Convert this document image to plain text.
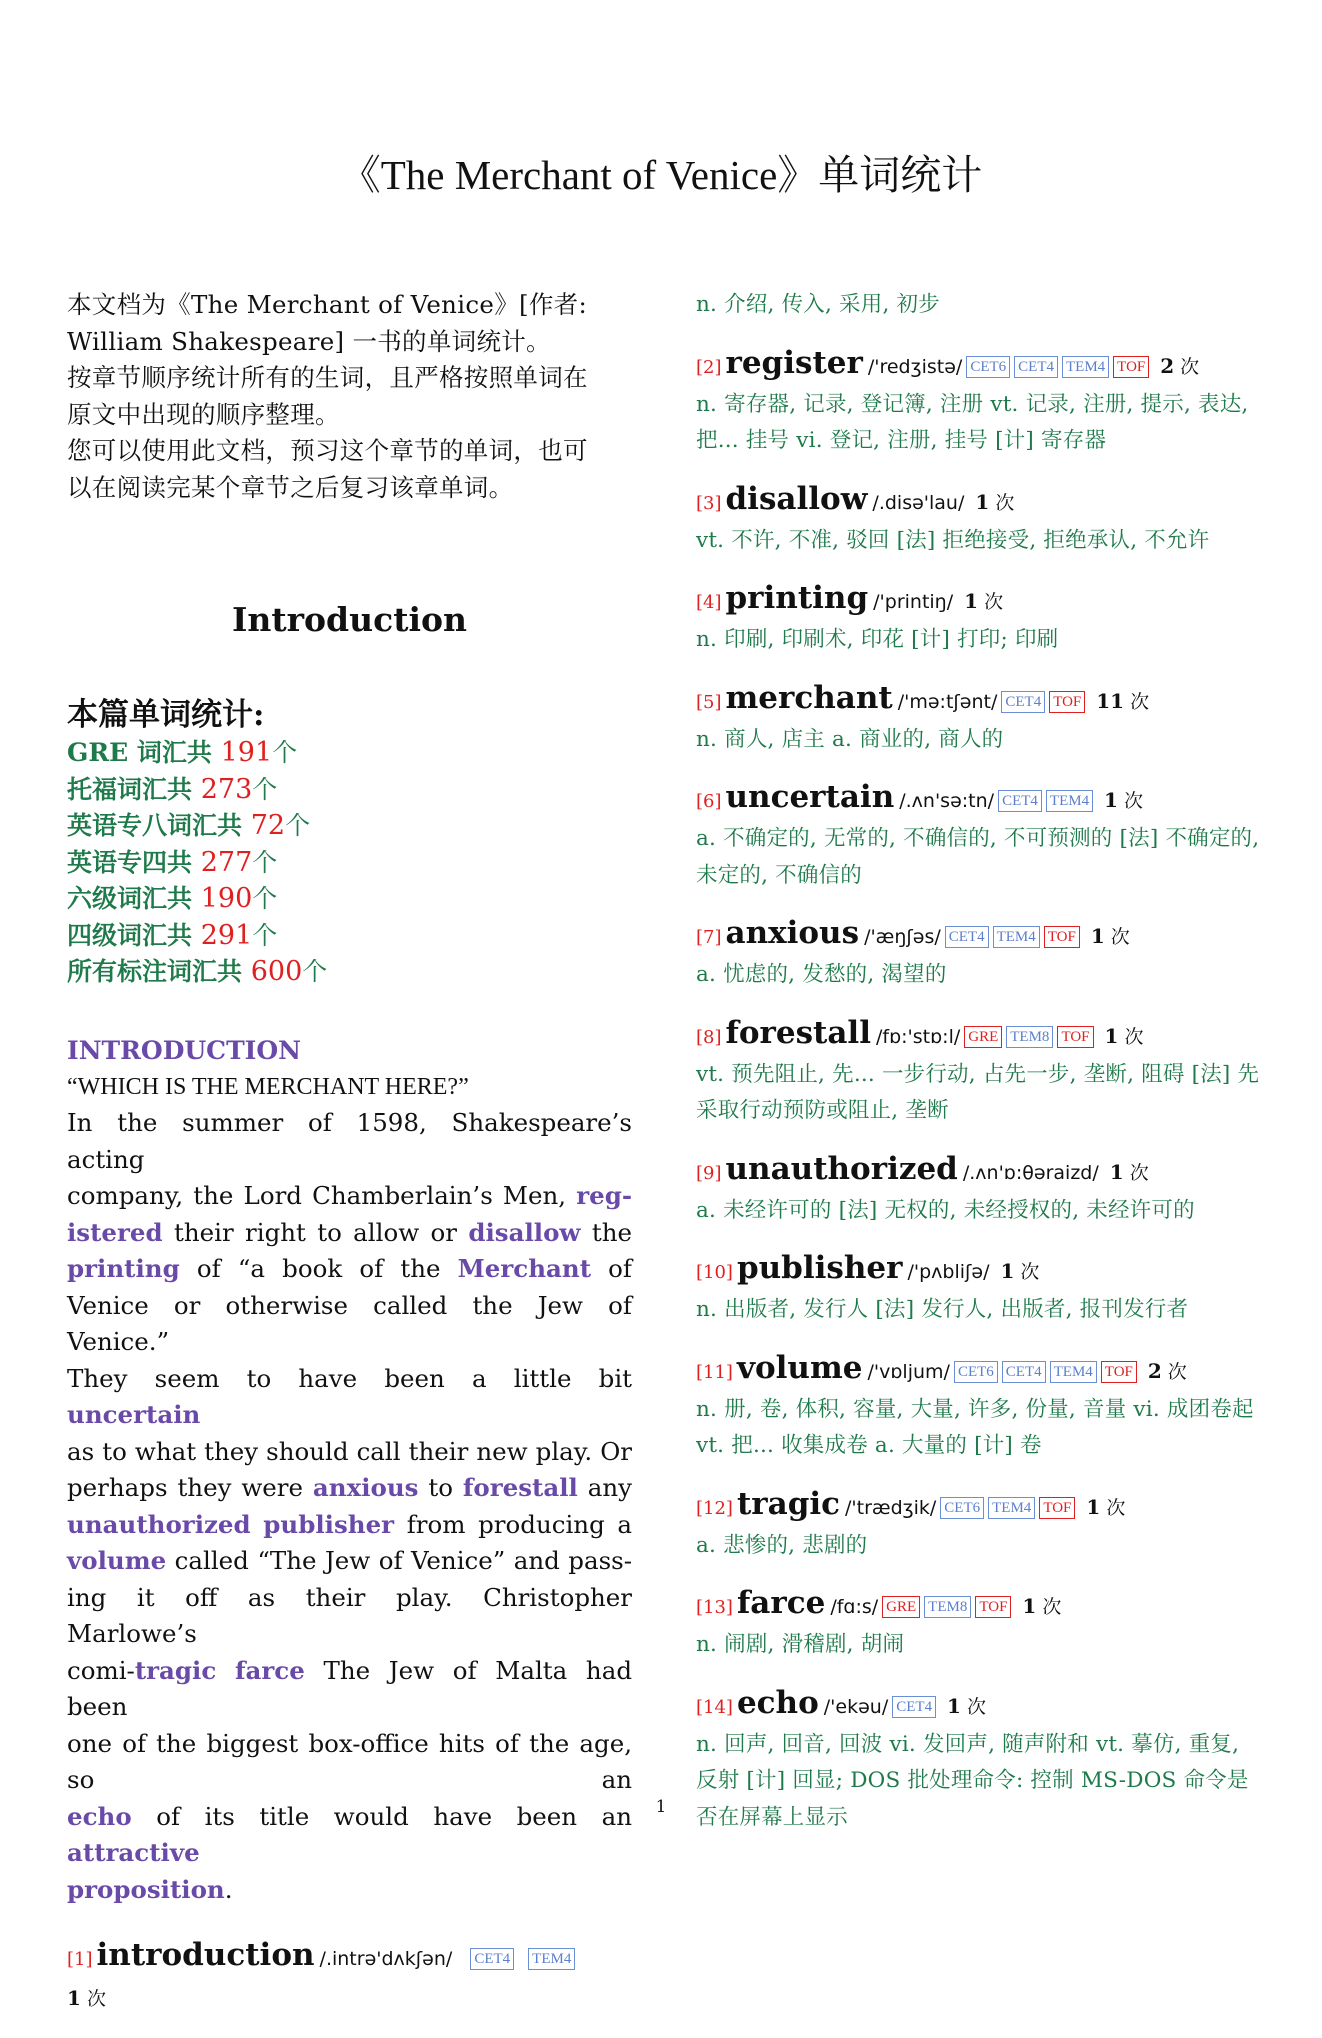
《The Merchant of Venice》单词统计

本文档为《The Merchant of Venice》[作者:
William Shakespeare] 一书的单词统计。
按章节顺序统计所有的生词，且严格按照单词在
原文中出现的顺序整理。
您可以使用此文档，预习这个章节的单词，也可
以在阅读完某个章节之后复习该章单词。

Introduction
本篇单词统计:
GRE 词汇共 191个
托福词汇共 273个
英语专八词汇共 72个
英语专四共 277个
六级词汇共 190个
四级词汇共 291个
所有标注词汇共 600个
INTRODUCTION
“WHICH IS THE MERCHANT HERE?”
In the summer of 1598, Shakespeare’s acting
company, the Lord Chamberlain’s Men, reg-
istered their right to allow or disallow the
printing of “a book of the Merchant of
Venice or otherwise called the Jew of Venice.”
They seem to have been a little bit uncertain
as to what they should call their new play. Or
perhaps they were anxious to forestall any
unauthorized publisher from producing a
volume called “The Jew of Venice” and pass-
ing it off as their play. Christopher Marlowe’s
comi-tragic farce The Jew of Malta had been
one of the biggest box-office hits of the age, so an
echo of its title would have been an attractive
proposition.
[1] introduction /.intrə'dʌkʃən/ CET4 TEM4
1 次
n. 介绍, 传入, 采用, 初步
[2] register /'redʒistə/ CET6 CET4 TEM4 TOF 2 次
n. 寄存器, 记录, 登记簿, 注册 vt. 记录, 注册, 提示, 表达, 把... 挂号 vi. 登记, 注册, 挂号 [计] 寄存器
[3] disallow /.disə'lau/ 1 次
vt. 不许, 不准, 驳回 [法] 拒绝接受, 拒绝承认, 不允许
[4] printing /'printiŋ/ 1 次
n. 印刷, 印刷术, 印花 [计] 打印; 印刷
[5] merchant /'mə:tʃənt/ CET4 TOF 11 次
n. 商人, 店主 a. 商业的, 商人的
[6] uncertain /.ʌn'sə:tn/ CET4 TEM4 1 次
a. 不确定的, 无常的, 不确信的, 不可预测的 [法] 不确定的, 未定的, 不确信的
[7] anxious /'æŋʃəs/ CET4 TEM4 TOF 1 次
a. 忧虑的, 发愁的, 渴望的
[8] forestall /fɒ:'stɒ:l/ GRE TEM8 TOF 1 次
vt. 预先阻止, 先... 一步行动, 占先一步, 垄断, 阻碍 [法] 先采取行动预防或阻止, 垄断
[9] unauthorized /.ʌn'ɒ:θəraizd/ 1 次
a. 未经许可的 [法] 无权的, 未经授权的, 未经许可的
[10] publisher /'pʌbliʃə/ 1 次
n. 出版者, 发行人 [法] 发行人, 出版者, 报刊发行者
[11] volume /'vɒljum/ CET6 CET4 TEM4 TOF 2 次
n. 册, 卷, 体积, 容量, 大量, 许多, 份量, 音量 vi. 成团卷起 vt. 把... 收集成卷 a. 大量的 [计] 卷
[12] tragic /'trædʒik/ CET6 TEM4 TOF 1 次
a. 悲惨的, 悲剧的
[13] farce /fɑ:s/ GRE TEM8 TOF 1 次
n. 闹剧, 滑稽剧, 胡闹
[14] echo /'ekəu/ CET4 1 次
n. 回声, 回音, 回波 vi. 发回声, 随声附和 vt. 摹仿, 重复, 反射 [计] 回显; DOS 批处理命令: 控制 MS-DOS 命令是否在屏幕上显示
1
